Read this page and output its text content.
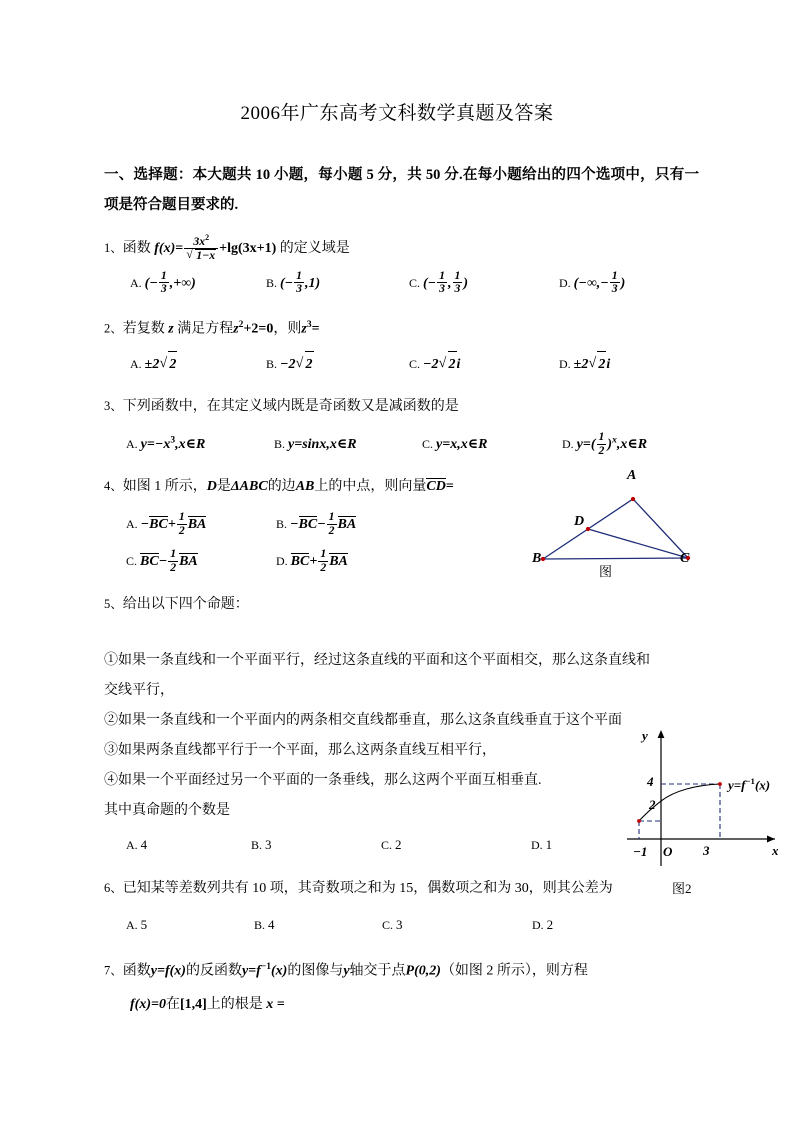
2006年广东高考文科数学真题及答案
一、选择题：本大题共 10 小题，每小题 5 分，共 50 分.在每小题给出的四个选项中，只有一项是符合题目要求的.
1、函数 $f(x)= 3x^2$
√ 1−x +lg(3x+1) 的定义域是
A. (− $\frac{1}{3}$ ,+∞)	B. (− $\frac{1}{3} ,1$)	C. (− $\frac{1}{3}$ , $\frac{1}{3}$ )	D. (−∞,− $\frac{1}{3}$ )
2、若复数 z 满足方程$z^2+2=0$，则$z^3=$
A. ±2 √ 2	B. −2 √ 2	C. −2 √ 2i	D. ±2 √ 2i
3、下列函数中，在其定义域内既是奇函数又是减函数的是
A. $y=-x^3,x\in R$	B. y=sinx,x∈R	C. y=x,x∈R	D. $y=( \frac{1}{2}$ )$^x,x\in R$
4、如图 1 所示，D是ΔABC的边AB上的中点，则向量CD=
A. $-BC+ \frac{1}{2}$ BA	B. $-BC- \frac{1}{2}$ BA
C. $BC- \frac{1}{2}$ BA	D. $BC+ \frac{1}{2}$ BA
5、给出以下四个命题：
①如果一条直线和一个平面平行，经过这条直线的平面和这个平面相交，那么这条直线和交线平行，
②如果一条直线和一个平面内的两条相交直线都垂直，那么这条直线垂直于这个平面
③如果两条直线都平行于一个平面，那么这两条直线互相平行，
④如果一个平面经过另一个平面的一条垂线，那么这两个平面互相垂直.
其中真命题的个数是
A. 4	B. 3	C. 2	D. 1
6、已知某等差数列共有 10 项，其奇数项之和为 15，偶数项之和为 30，则其公差为
A. 5	B. 4	C. 3	D. 2
7、函数y=f(x)的反函数$y=f^{-1}(x)$的图像与y轴交于点P(0,2)（如图 2 所示），则方程
f(x)=0在[1,4]上的根是 x =
A
B	C
D
图
y
x
O
−1	3
4
2
$y=f^{-1}(x)$
图2
